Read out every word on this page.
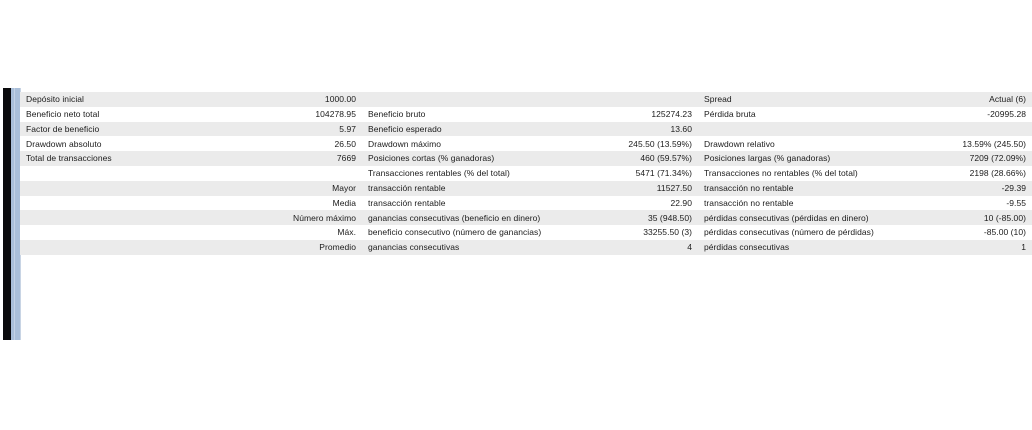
Depósito inicial	1000.00			Spread	Actual (6)
Beneficio neto total	104278.95	Beneficio bruto	125274.23	Pérdida bruta	-20995.28
Factor de beneficio	5.97	Beneficio esperado	13.60		
Drawdown absoluto	26.50	Drawdown máximo	245.50 (13.59%)	Drawdown relativo	13.59% (245.50)
Total de transacciones	7669	Posiciones cortas (% ganadoras)	460 (59.57%)	Posiciones largas (% ganadoras)	7209 (72.09%)
		Transacciones rentables (% del total)	5471 (71.34%)	Transacciones no rentables (% del total)	2198 (28.66%)
	Mayor	transacción rentable	11527.50	transacción no rentable	-29.39
	Media	transacción rentable	22.90	transacción no rentable	-9.55
	Número máximo	ganancias consecutivas (beneficio en dinero)	35 (948.50)	pérdidas consecutivas (pérdidas en dinero)	10 (-85.00)
	Máx.	beneficio consecutivo (número de ganancias)	33255.50 (3)	pérdidas consecutivas (número de pérdidas)	-85.00 (10)
	Promedio	ganancias consecutivas	4	pérdidas consecutivas	1
